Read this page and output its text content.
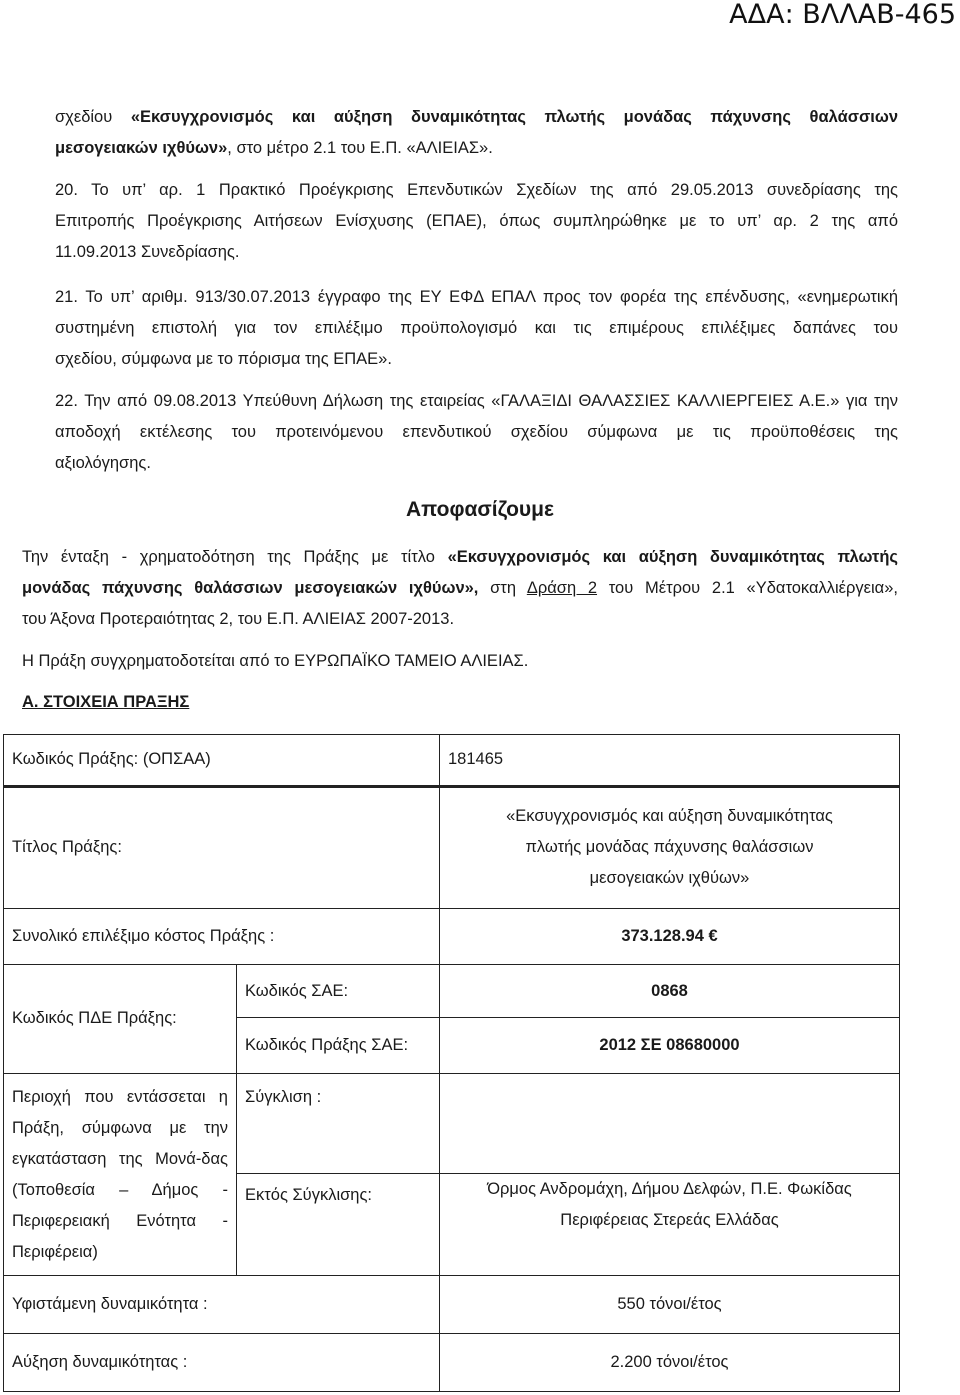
ΑΔΑ: ΒΛΛΑΒ-465

σχεδίου «Εκσυγχρονισμός και αύξηση δυναμικότητας πλωτής μονάδας πάχυνσης θαλάσσιων

μεσογειακών ιχθύων», στο μέτρο 2.1 του Ε.Π. «ΑΛΙΕΙΑΣ».

20. Το υπ’ αρ. 1 Πρακτικό Προέγκρισης Επενδυτικών Σχεδίων της από 29.05.2013 συνεδρίασης της

Επιτροπής Προέγκρισης Αιτήσεων Ενίσχυσης (ΕΠΑΕ), όπως συμπληρώθηκε με το υπ’ αρ. 2 της από

11.09.2013 Συνεδρίασης.

21. Το υπ’ αριθμ. 913/30.07.2013 έγγραφο της ΕΥ ΕΦΔ ΕΠΑΛ προς τον φορέα της επένδυσης, «ενημερωτική

συστημένη επιστολή για τον επιλέξιμο προϋπολογισμό και τις επιμέρους επιλέξιμες δαπάνες του

σχεδίου, σύμφωνα με το πόρισμα της ΕΠΑΕ».

22. Την από 09.08.2013 Υπεύθυνη Δήλωση της εταιρείας «ΓΑΛΑΞΙΔΙ ΘΑΛΑΣΣΙΕΣ ΚΑΛΛΙΕΡΓΕΙΕΣ Α.Ε.» για την

αποδοχή εκτέλεσης του προτεινόμενου επενδυτικού σχεδίου σύμφωνα με τις προϋποθέσεις της

αξιολόγησης.

Αποφασίζουμε

Την ένταξη - χρηματοδότηση της Πράξης με τίτλο «Εκσυγχρονισμός και αύξηση δυναμικότητας πλωτής

μονάδας πάχυνσης θαλάσσιων μεσογειακών ιχθύων», στη Δράση 2 του Μέτρου 2.1 «Υδατοκαλλιέργεια»,

του Άξονα Προτεραιότητας 2, του Ε.Π. ΑΛΙΕΙΑΣ 2007-2013.

Η Πράξη συγχρηματοδοτείται από το ΕΥΡΩΠΑΪΚΟ ΤΑΜΕΙΟ ΑΛΙΕΙΑΣ.
Α. ΣΤΟΙΧΕΙΑ ΠΡΑΞΗΣ
Κωδικός Πράξης: (ΟΠΣΑΑ)		181465
Τίτλος Πράξης:		«Εκσυγχρονισμός και αύξηση δυναμικότητας πλωτής μονάδας πάχυνσης θαλάσσιων μεσογειακών ιχθύων»
Συνολικό επιλέξιμο κόστος Πράξης :		373.128.94 €
Κωδικός ΠΔΕ Πράξης:	Κωδικός ΣΑΕ:	0868
	Κωδικός Πράξης ΣΑΕ:	2012 ΣΕ 08680000
Περιοχή που εντάσσεται η Πράξη, σύμφωνα με την εγκατάσταση της Μονά-δας (Τοποθεσία – Δήμος - Περιφερειακή Ενότητα - Περιφέρεια)	Σύγκλιση :	
	Εκτός Σύγκλισης:	Όρμος Ανδρομάχη, Δήμου Δελφών, Π.Ε. Φωκίδας
Περιφέρειας Στερεάς Ελλάδας

Υφιστάμενη δυναμικότητα :		550 τόνοι/έτος
Αύξηση δυναμικότητας :		2.200 τόνοι/έτος
